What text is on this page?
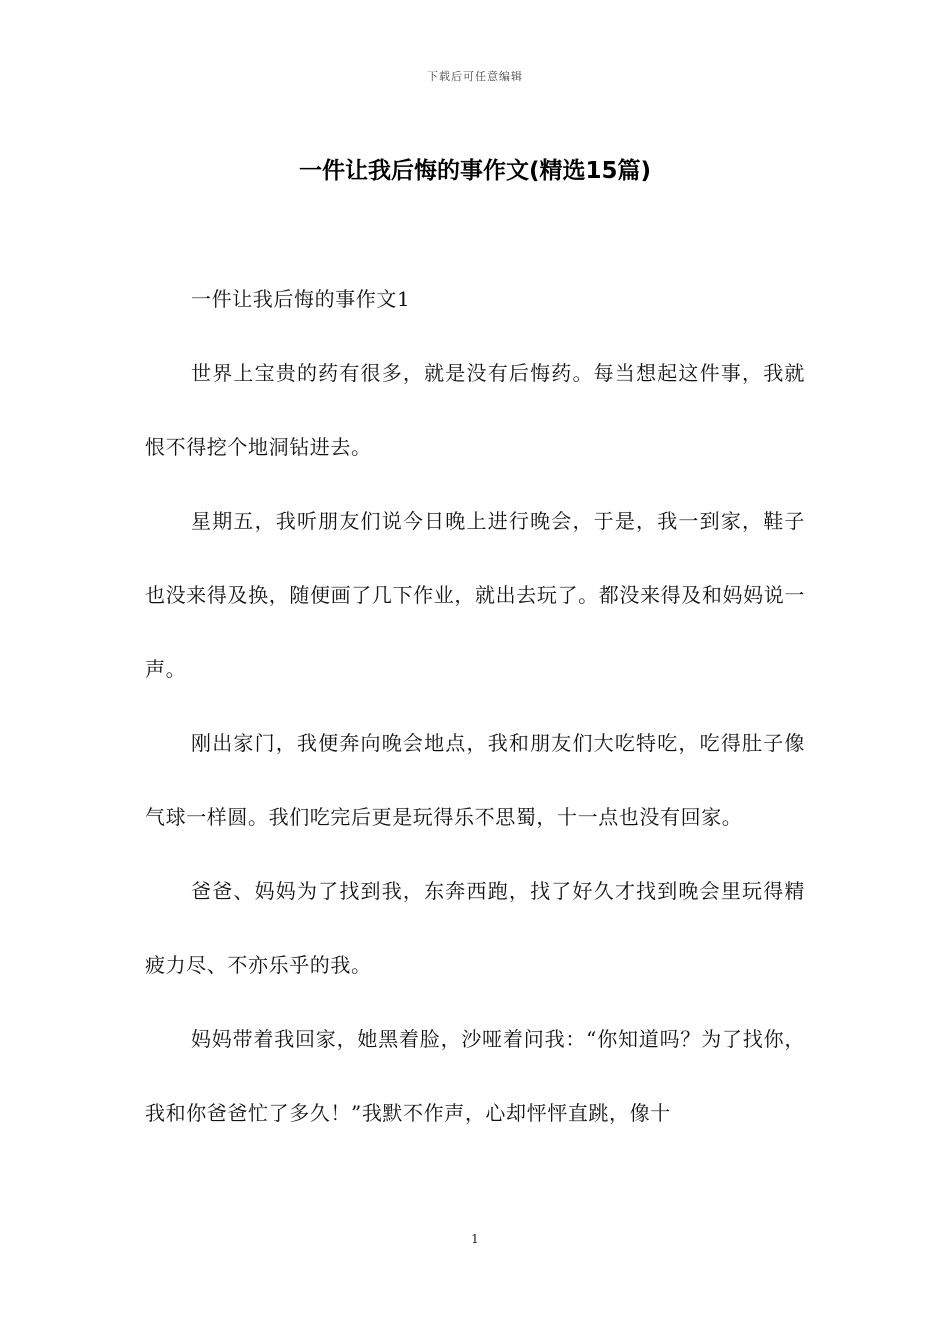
下载后可任意编辑
一件让我后悔的事作文(精选15篇)
一件让我后悔的事作文1

世界上宝贵的药有很多，就是没有后悔药。每当想起这件事，我就恨不得挖个地洞钻进去。

星期五，我听朋友们说今日晚上进行晚会，于是，我一到家，鞋子也没来得及换，随便画了几下作业，就出去玩了。都没来得及和妈妈说一声。

刚出家门，我便奔向晚会地点，我和朋友们大吃特吃，吃得肚子像气球一样圆。我们吃完后更是玩得乐不思蜀，十一点也没有回家。

爸爸、妈妈为了找到我，东奔西跑，找了好久才找到晚会里玩得精疲力尽、不亦乐乎的我。

妈妈带着我回家，她黑着脸，沙哑着问我：“你知道吗？为了找你，我和你爸爸忙了多久！”我默不作声，心却怦怦直跳，像十

1
